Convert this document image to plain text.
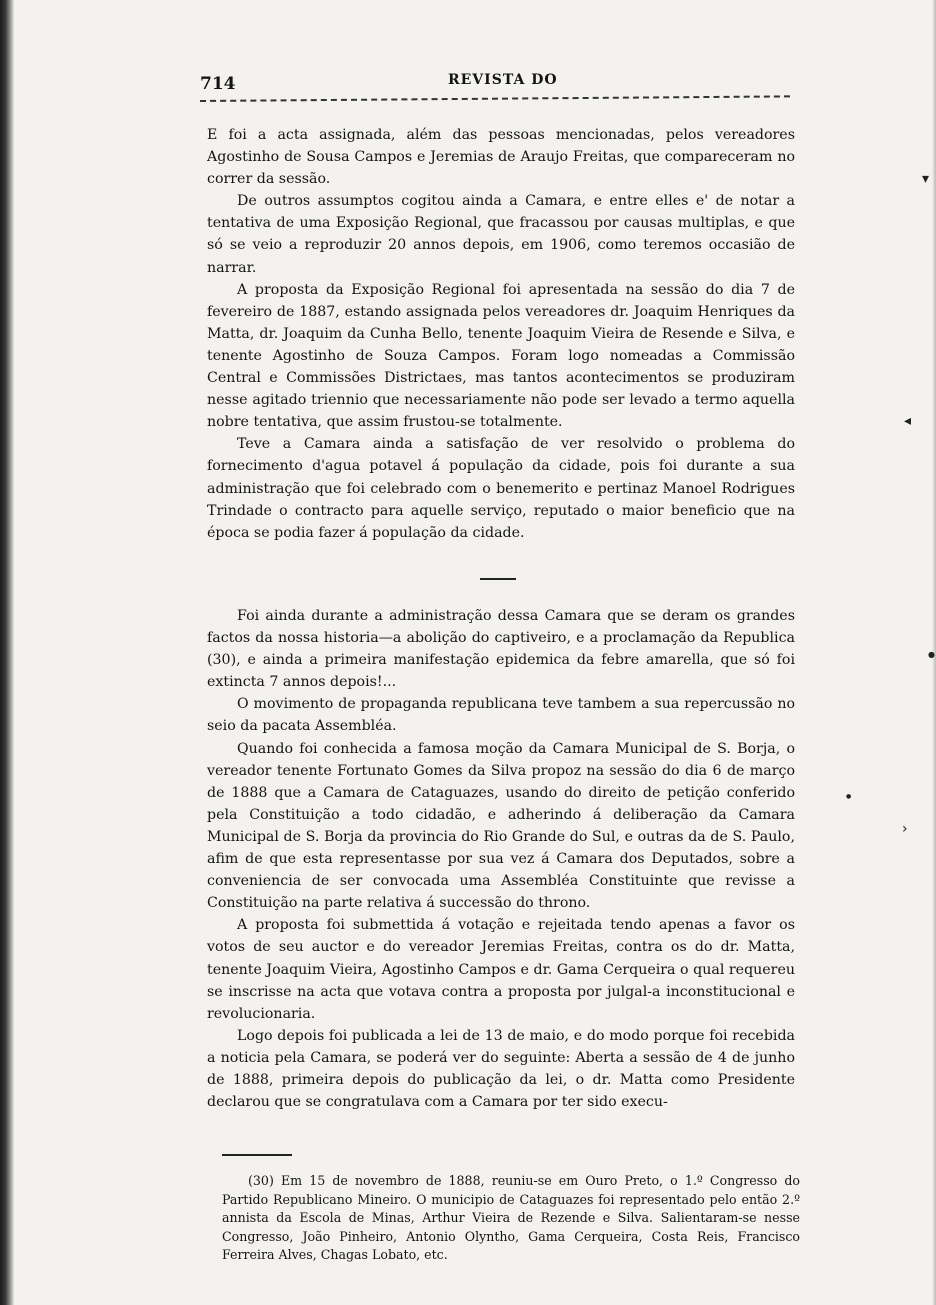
714	REVISTA DO

E foi a acta assignada, além das pessoas mencionadas, pelos vereadores Agostinho de Sousa Campos e Jeremias de Araujo Freitas, que compareceram no correr da sessão.

De outros assumptos cogitou ainda a Camara, e entre elles e' de notar a tentativa de uma Exposição Regional, que fracassou por causas multiplas, e que só se veio a reproduzir 20 annos depois, em 1906, como teremos occasião de narrar.

A proposta da Exposição Regional foi apresentada na sessão do dia 7 de fevereiro de 1887, estando assignada pelos vereadores dr. Joaquim Henriques da Matta, dr. Joaquim da Cunha Bello, tenente Joaquim Vieira de Resende e Silva, e tenente Agostinho de Souza Campos. Foram logo nomeadas a Commissão Central e Commissões Districtaes, mas tantos acontecimentos se produziram nesse agitado triennio que necessariamente não pode ser levado a termo aquella nobre tentativa, que assim frustou-se totalmente.

Teve a Camara ainda a satisfação de ver resolvido o problema do fornecimento d'agua potavel á população da cidade, pois foi durante a sua administração que foi celebrado com o benemerito e pertinaz Manoel Rodrigues Trindade o contracto para aquelle serviço, reputado o maior beneficio que na época se podia fazer á população da cidade.

Foi ainda durante a administração dessa Camara que se deram os grandes factos da nossa historia—a abolição do captiveiro, e a proclamação da Republica (30), e ainda a primeira manifestação epidemica da febre amarella, que só foi extincta 7 annos depois!...

O movimento de propaganda republicana teve tambem a sua repercussão no seio da pacata Assembléa.

Quando foi conhecida a famosa moção da Camara Municipal de S. Borja, o vereador tenente Fortunato Gomes da Silva propoz na sessão do dia 6 de março de 1888 que a Camara de Cataguazes, usando do direito de petição conferido pela Constituição a todo cidadão, e adherindo á deliberação da Camara Municipal de S. Borja da provincia do Rio Grande do Sul, e outras da de S. Paulo, afim de que esta representasse por sua vez á Camara dos Deputados, sobre a conveniencia de ser convocada uma Assembléa Constituinte que revisse a Constituição na parte relativa á successão do throno.

A proposta foi submettida á votação e rejeitada tendo apenas a favor os votos de seu auctor e do vereador Jeremias Freitas, contra os do dr. Matta, tenente Joaquim Vieira, Agostinho Campos e dr. Gama Cerqueira o qual requereu se inscrisse na acta que votava contra a proposta por julgal-a inconstitucional e revolucionaria.

Logo depois foi publicada a lei de 13 de maio, e do modo porque foi recebida a noticia pela Camara, se poderá ver do seguinte: Aberta a sessão de 4 de junho de 1888, primeira depois do publicação da lei, o dr. Matta como Presidente declarou que se congratulava com a Camara por ter sido execu-

(30) Em 15 de novembro de 1888, reuniu-se em Ouro Preto, o 1.º Congresso do Partido Republicano Mineiro. O municipio de Cataguazes foi representado pelo então 2.º annista da Escola de Minas, Arthur Vieira de Rezende e Silva. Salientaram-se nesse Congresso, João Pinheiro, Antonio Olyntho, Gama Cerqueira, Costa Reis, Francisco Ferreira Alves, Chagas Lobato, etc.

▾
◂
●
●
›
